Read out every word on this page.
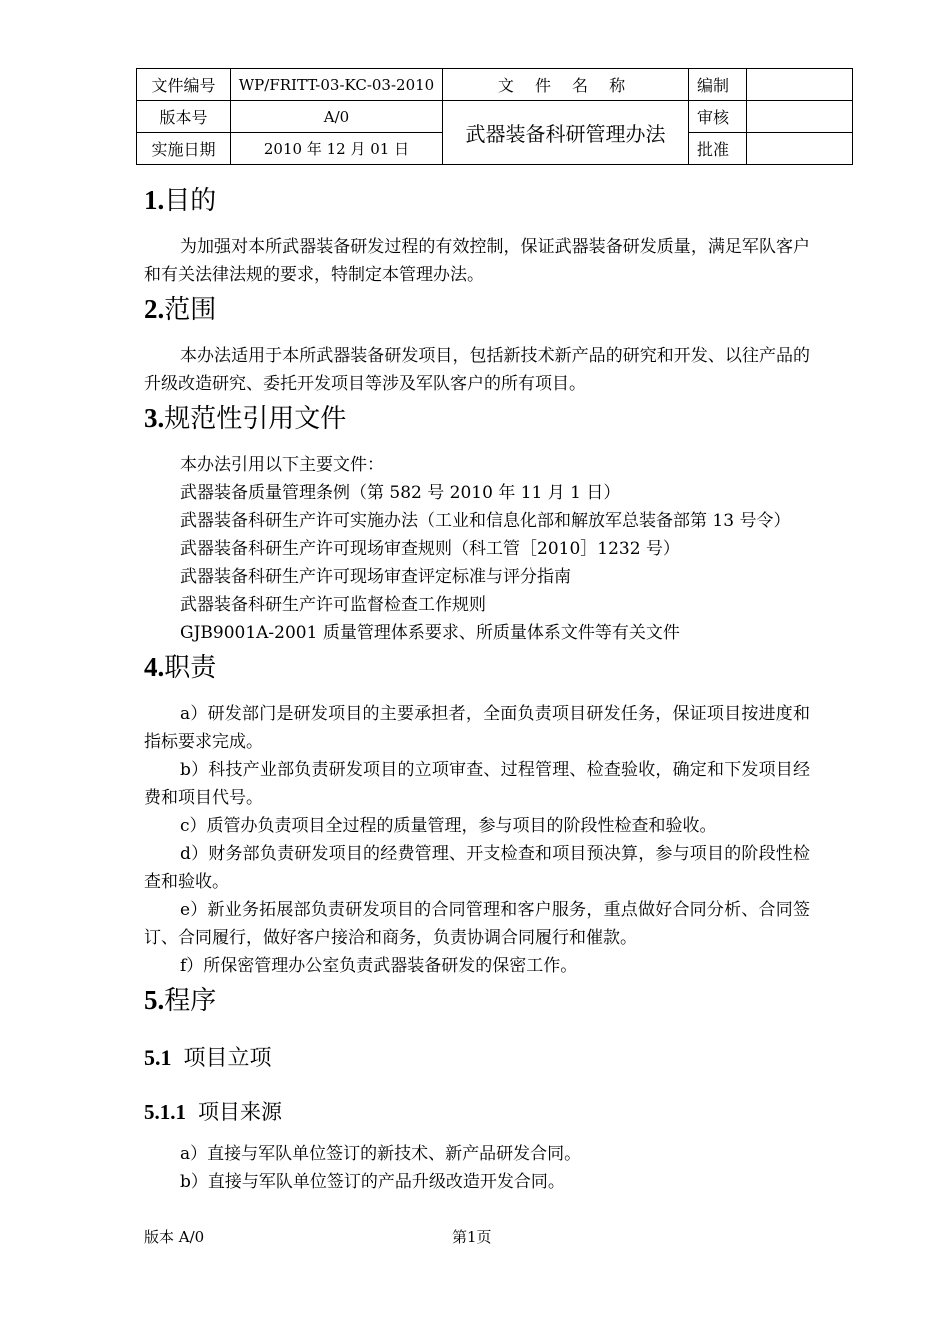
文件编号	WP/FRITT-03-KC-03-2010	文 件 名 称	编制	
版本号	A/0	武器装备科研管理办法	审核	
实施日期	2010 年 12 月 01 日		批准	
1.目的

为加强对本所武器装备研发过程的有效控制，保证武器装备研发质量，满足军队客户和有关法律法规的要求，特制定本管理办法。

2.范围

本办法适用于本所武器装备研发项目，包括新技术新产品的研究和开发、以往产品的升级改造研究、委托开发项目等涉及军队客户的所有项目。

3.规范性引用文件

本办法引用以下主要文件：

武器装备质量管理条例（第 582 号 2010 年 11 月 1 日）

武器装备科研生产许可实施办法（工业和信息化部和解放军总装备部第 13 号令）

武器装备科研生产许可现场审查规则（科工管［2010］1232 号）

武器装备科研生产许可现场审查评定标准与评分指南

武器装备科研生产许可监督检查工作规则

GJB9001A-2001 质量管理体系要求、所质量体系文件等有关文件

4.职责

a）研发部门是研发项目的主要承担者，全面负责项目研发任务，保证项目按进度和指标要求完成。

b）科技产业部负责研发项目的立项审查、过程管理、检查验收，确定和下发项目经费和项目代号。

c）质管办负责项目全过程的质量管理，参与项目的阶段性检查和验收。

d）财务部负责研发项目的经费管理、开支检查和项目预决算，参与项目的阶段性检查和验收。

e）新业务拓展部负责研发项目的合同管理和客户服务，重点做好合同分析、合同签订、合同履行，做好客户接洽和商务，负责协调合同履行和催款。

f）所保密管理办公室负责武器装备研发的保密工作。

5.程序
5.1 项目立项
5.1.1 项目来源

a）直接与军队单位签订的新技术、新产品研发合同。

b）直接与军队单位签订的产品升级改造开发合同。

版本 A/0	第1页
